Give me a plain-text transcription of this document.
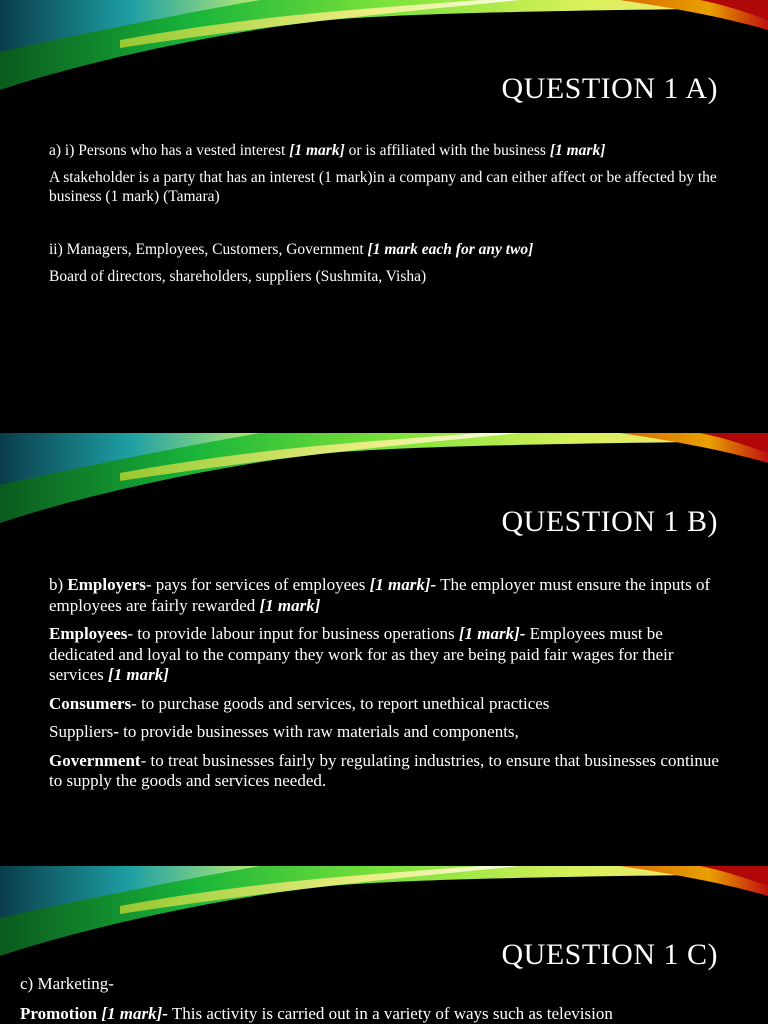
QUESTION 1 A)

a) i) Persons who has a vested interest [1 mark] or is affiliated with the business [1 mark]

A stakeholder is a party that has an interest (1 mark)in a company and can either affect or be affected by the business (1 mark) (Tamara)

ii) Managers, Employees, Customers, Government [1 mark each for any two]

Board of directors, shareholders, suppliers (Sushmita, Visha)

QUESTION 1 B)

b) Employers- pays for services of employees [1 mark]- The employer must ensure the inputs of employees are fairly rewarded [1 mark]

Employees- to provide labour input for business operations [1 mark]- Employees must be dedicated and loyal to the company they work for as they are being paid fair wages for their services [1 mark]

Consumers- to purchase goods and services, to report unethical practices

Suppliers- to provide businesses with raw materials and components,

Government- to treat businesses fairly by regulating industries, to ensure that businesses continue to supply the goods and services needed.

QUESTION 1 C)

c) Marketing-

Promotion [1 mark]- This activity is carried out in a variety of ways such as television
